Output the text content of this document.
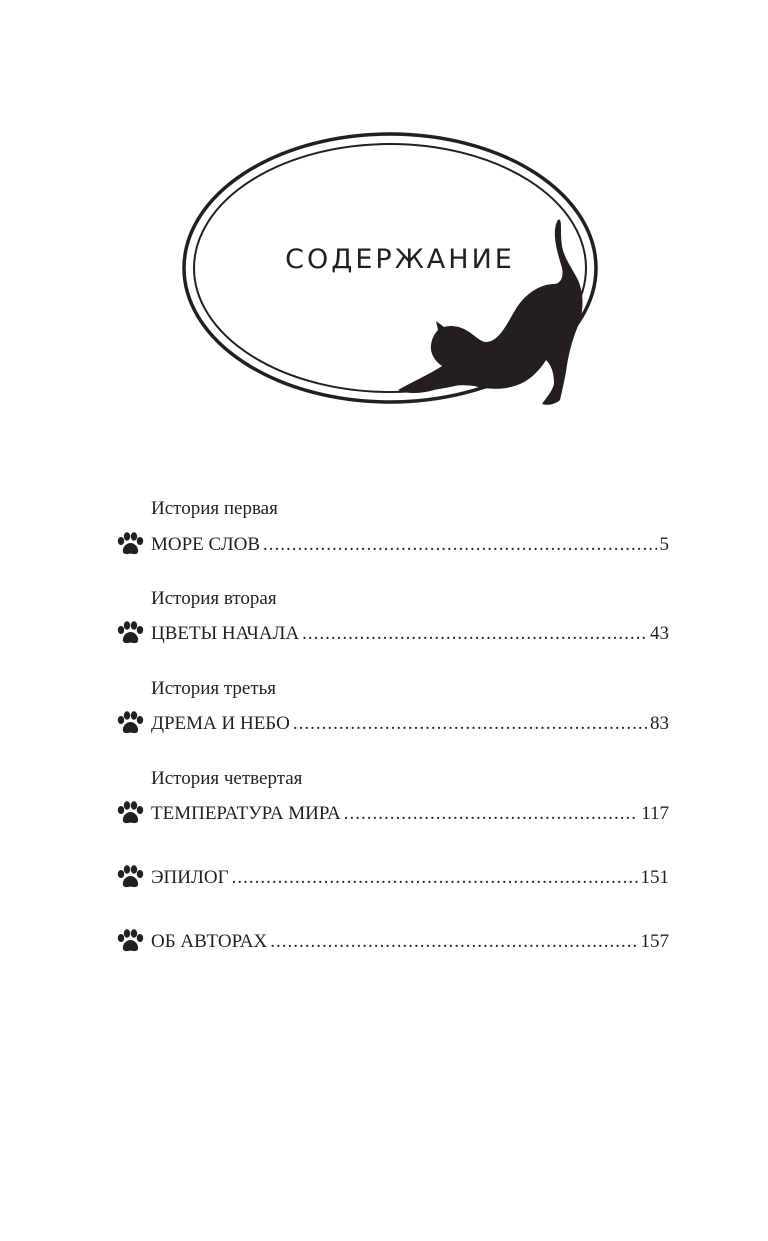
СОДЕРЖАНИЕ
История первая
МОРЕ СЛОВ .....	5
История вторая
ЦВЕТЫ НАЧАЛА .....	43
История третья
ДРЕМА И НЕБО .....	83
История четвертая
ТЕМПЕРАТУРА МИРА .....	117
ЭПИЛОГ .....	151
ОБ АВТОРАХ .....	157
